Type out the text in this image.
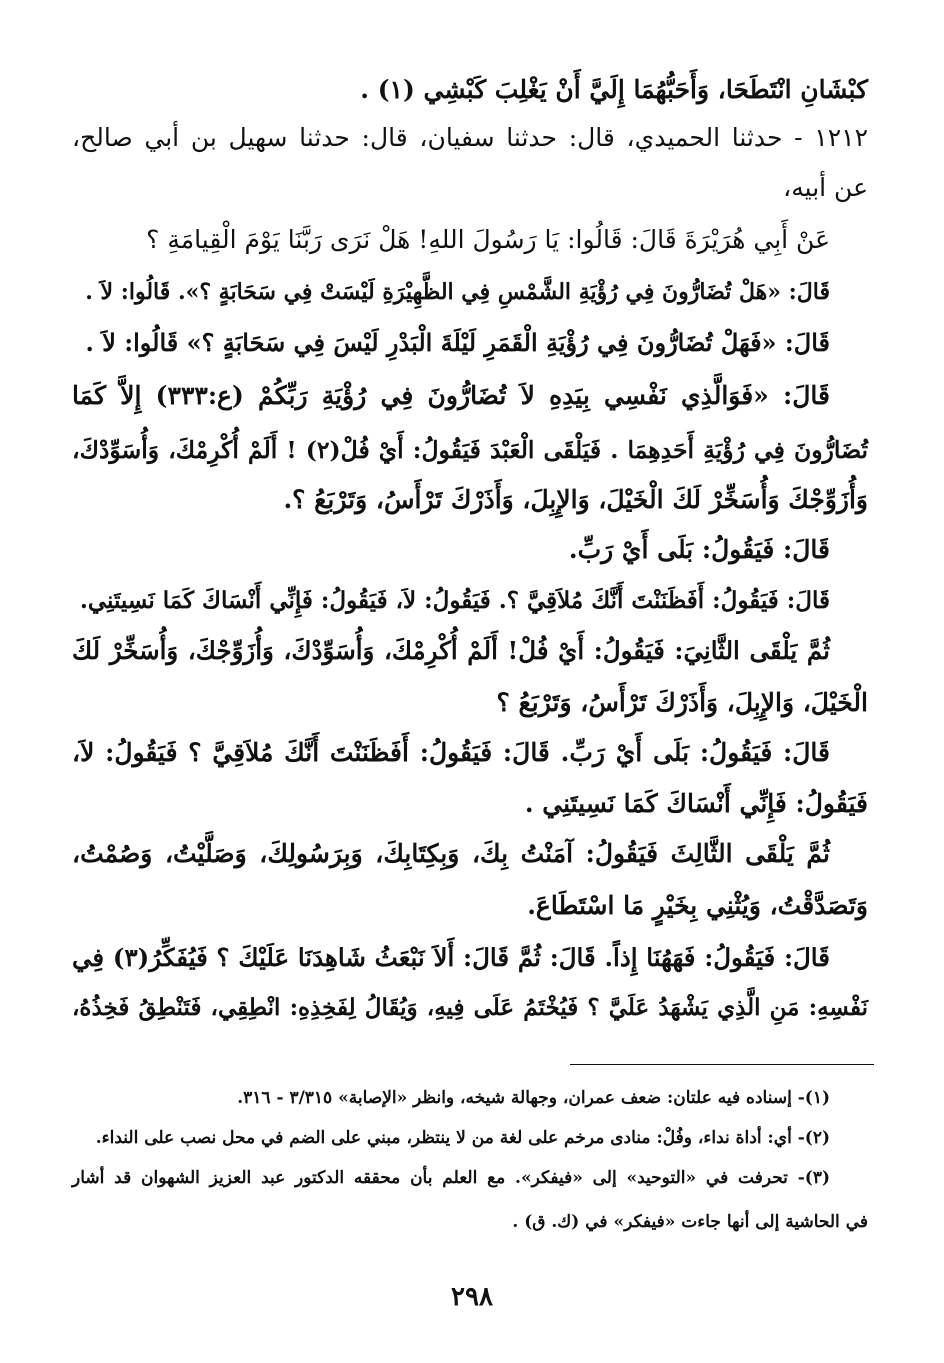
كبْشَانِ انْتَطَحَا، وَأَحَبُّهُمَا إِلَيَّ أَنْ يَغْلِبَ كَبْشِي (١) .
١٢١٢ - حدثنا الحميدي، قال: حدثنا سفيان، قال: حدثنا سهيل بن أبي صالح،
عن أبيه،
عَنْ أَبِي هُرَيْرَةَ قَالَ: قَالُوا: يَا رَسُولَ اللهِ! هَلْ نَرَى رَبَّنَا يَوْمَ الْقِيامَةِ ؟
قَالَ: «هَلْ تُضَارُّونَ فِي رُؤْيَةِ الشَّمْسِ فِي الظَّهِيْرَةِ لَيْسَتْ فِي سَحَابَةٍ ؟». قَالُوا: لاَ .
قَالَ: «فَهَلْ تُضَارُّونَ فِي رُؤْيَةِ الْقَمَرِ لَيْلَةَ الْبَدْرِ لَيْسَ فِي سَحَابَةٍ ؟» قَالُوا: لاَ .
قَالَ: «فَوَالَّذِي نَفْسِي بِيَدِهِ لاَ تُضَارُّونَ فِي رُؤْيَةِ رَبِّكُمْ (ع:٣٣٣) إِلاَّ كَمَا
تُضَارُّونَ فِي رُؤْيَةِ أَحَدِهِمَا . فَيَلْقَى الْعَبْدَ فَيَقُولُ: أَيْ فُلْ(٢) ! أَلَمْ أُكْرِمْكَ، وَأُسَوِّدْكَ،
وَأُزَوِّجْكَ وَأُسَخِّرْ لَكَ الْخَيْلَ، وَالإِبِلَ، وَأَذَرْكَ تَرْأَسُ، وَتَرْبَعُ ؟.
قَالَ: فَيَقُولُ: بَلَى أَيْ رَبِّ.
قَالَ: فَيَقُولُ: أَفَظَنَنْتَ أَنَّكَ مُلاَقِيَّ ؟. فَيَقُولُ: لاَ، فَيَقُولُ: فَإِنِّي أَنْسَاكَ كَمَا نَسِيتَنِي.
ثُمَّ يَلْقَى الثَّانِيَ: فَيَقُولُ: أَيْ فُلْ! أَلَمْ أُكْرِمْكَ، وَأُسَوِّدْكَ، وَأُزَوِّجْكَ، وَأُسَخِّرْ لَكَ
الْخَيْلَ، وَالإِبِلَ، وَأَذَرْكَ تَرْأَسُ، وَتَرْبَعُ ؟
قَالَ: فَيَقُولُ: بَلَى أَيْ رَبِّ. قَالَ: فَيَقُولُ: أَفَظَنَنْتَ أَنَّكَ مُلاَقِيَّ ؟ فَيَقُولُ: لاَ،
فَيَقُولُ: فَإِنِّي أَنْسَاكَ كَمَا نَسِيتَنِي .
ثُمَّ يَلْقَى الثَّالِثَ فَيَقُولُ: آمَنْتُ بِكَ، وَبِكِتَابِكَ، وَبِرَسُولِكَ، وَصَلَّيْتُ، وَصُمْتُ،
وَتَصَدَّقْتُ، وَيُثْنِي بِخَيْرٍ مَا اسْتَطَاعَ.
قَالَ: فَيَقُولُ: فَهَهُنَا إِذاً. قَالَ: ثُمَّ قَالَ: أَلاَ نَبْعَثُ شَاهِدَنَا عَلَيْكَ ؟ فَيُفَكِّرُ(٣) فِي
نَفْسِهِ: مَنِ الَّذِي يَشْهَدُ عَلَيَّ ؟ فَيُخْتَمُ عَلَى فِيهِ، وَيُقَالُ لِفَخِذِهِ: انْطِقِي، فَتَنْطِقُ فَخِذُهُ،
(١)- إسناده فيه علتان: ضعف عمران، وجهالة شيخه، وانظر «الإصابة» ٣/٣١٥ - ٣١٦.
(٢)- أي: أداة نداء، وفُلْ: منادى مرخم على لغة من لا ينتظر، مبني على الضم في محل نصب على النداء.
(٣)- تحرفت في «التوحيد» إلى «فيفكر». مع العلم بأن محققه الدكتور عبد العزيز الشهوان قد أشار
في الحاشية إلى أنها جاءت «فيفكر» في (ك. ق) .
٢٩٨
